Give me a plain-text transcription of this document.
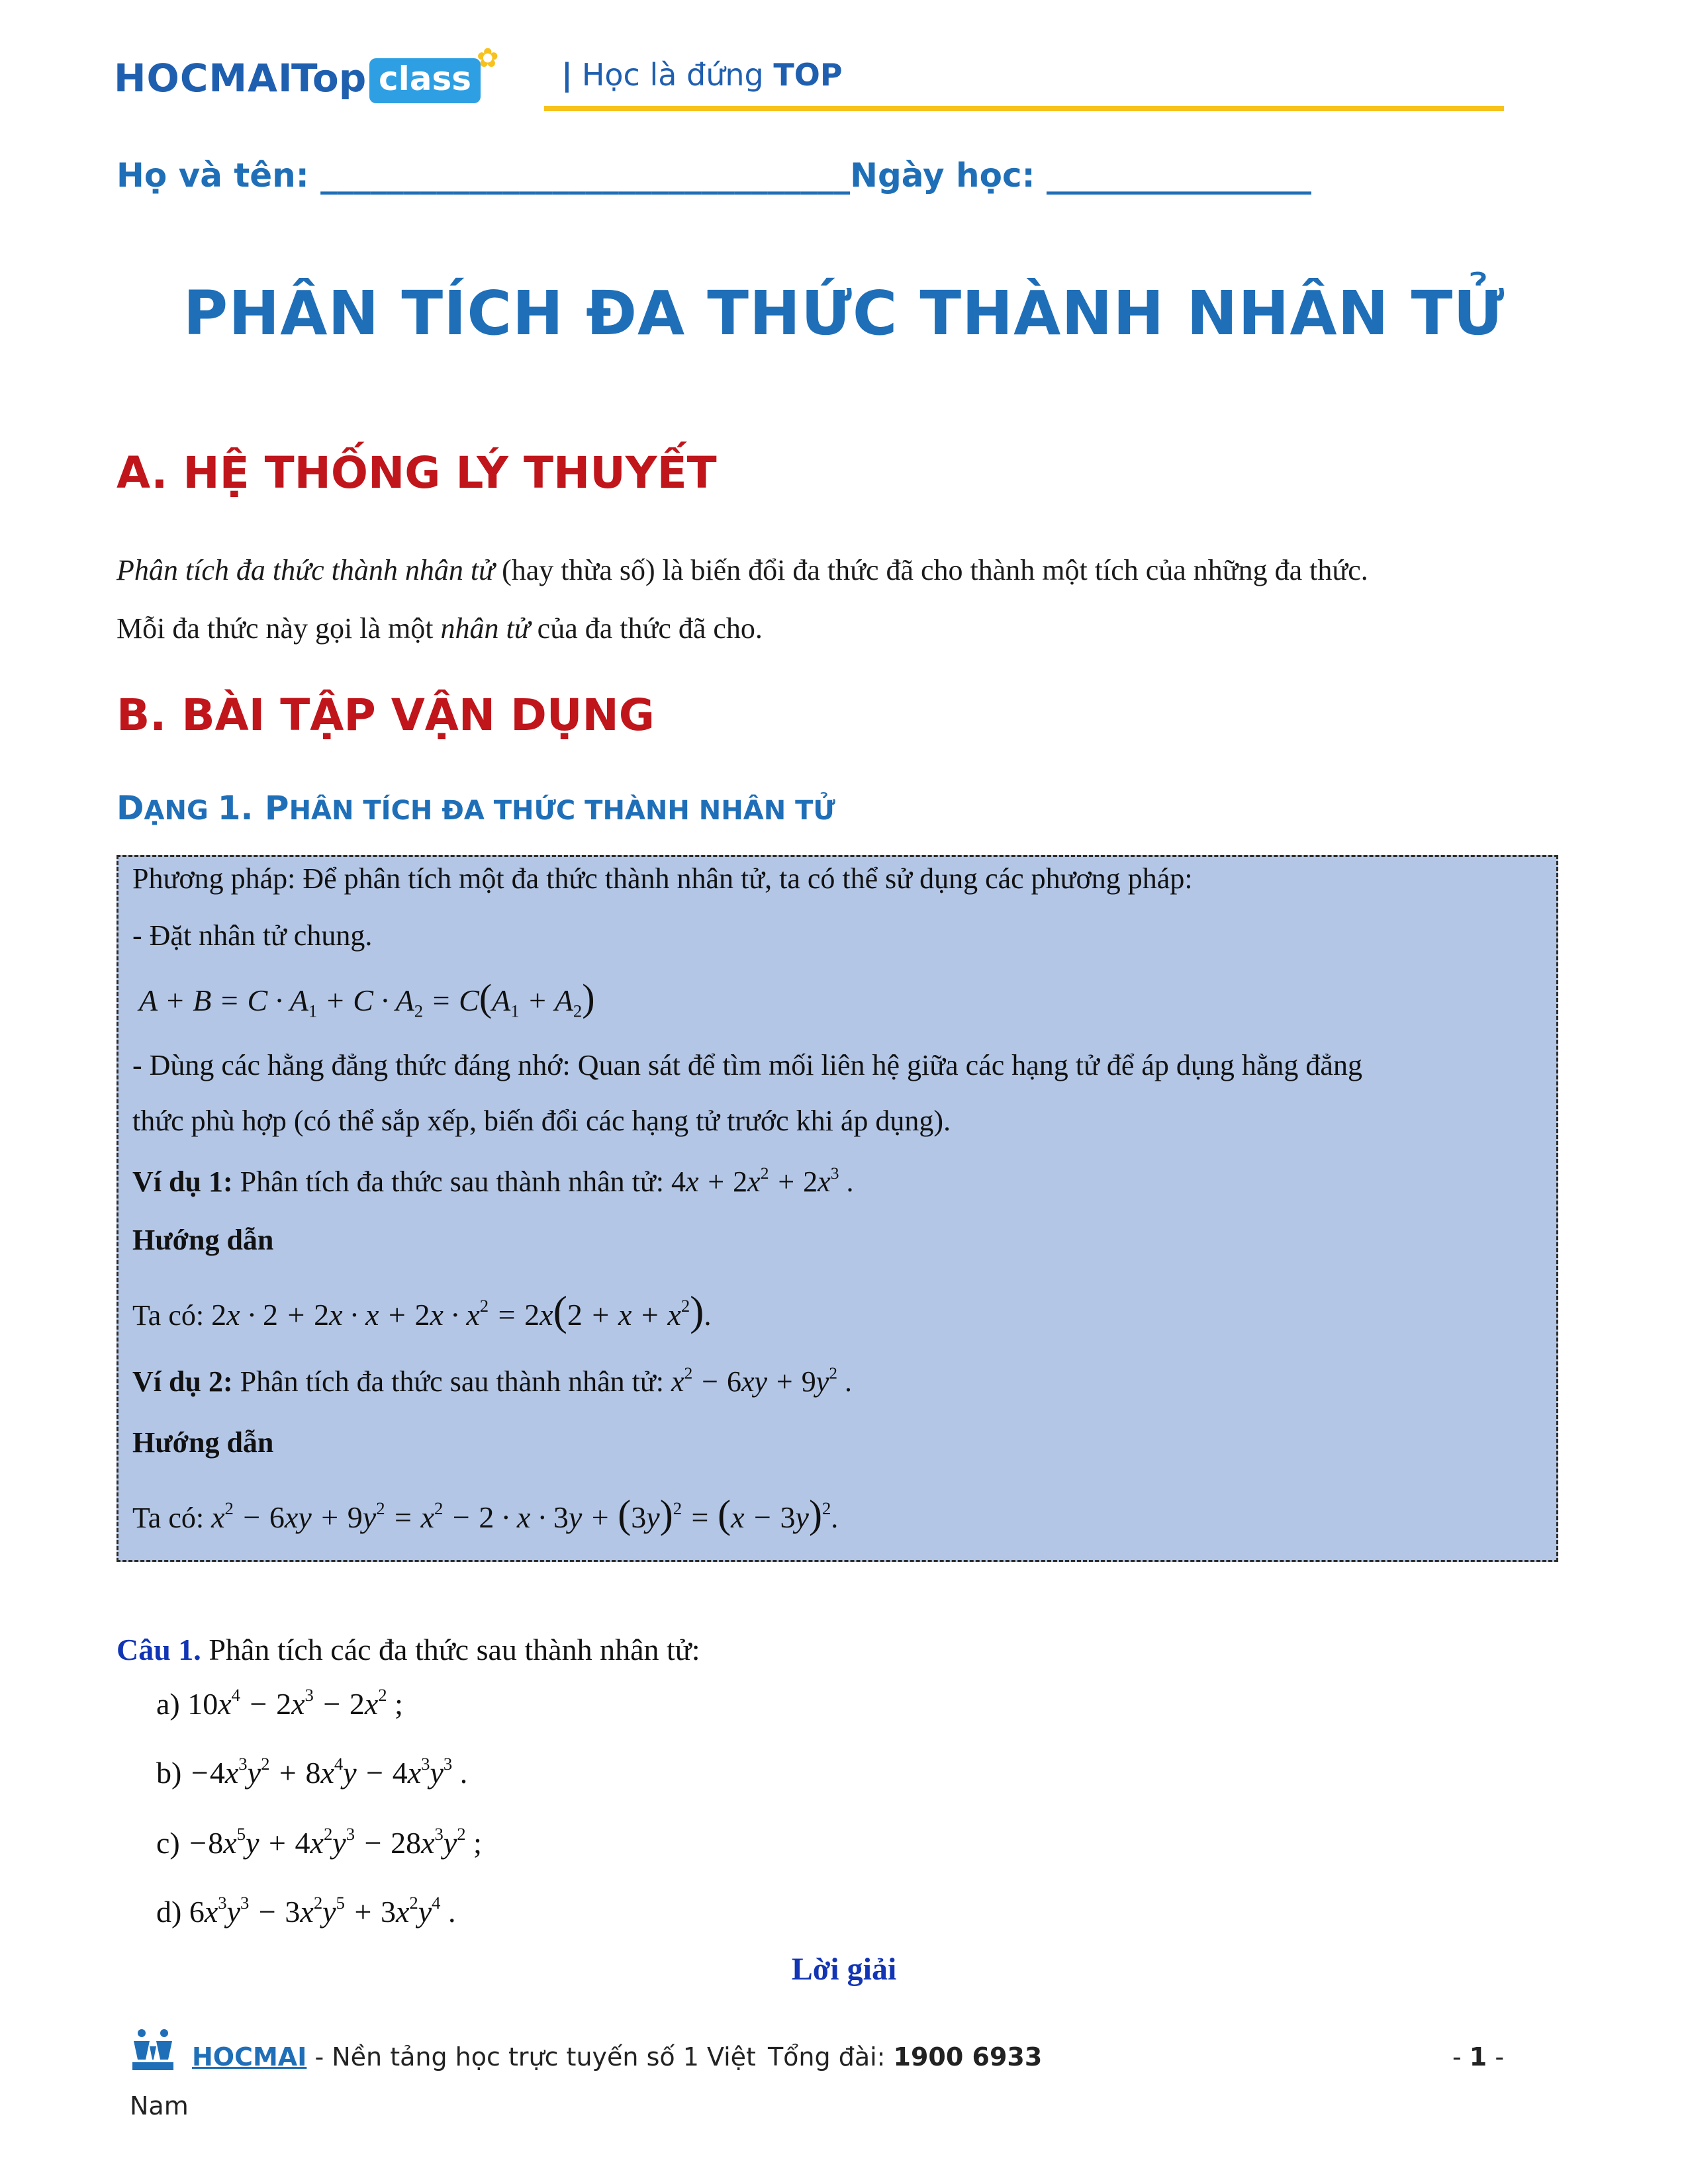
HOCMAI
Top class
✿ | Học là đứng TOP
Họ và tên: ________________________________Ngày học: ________________
PHÂN TÍCH ĐA THỨC THÀNH NHÂN TỬ
A. HỆ THỐNG LÝ THUYẾT
Phân tích đa thức thành nhân tử (hay thừa số) là biến đổi đa thức đã cho thành một tích của những đa thức.
Mỗi đa thức này gọi là một nhân tử của đa thức đã cho.
B. BÀI TẬP VẬN DỤNG
DẠNG 1. PHÂN TÍCH ĐA THỨC THÀNH NHÂN TỬ
Phương pháp: Để phân tích một đa thức thành nhân tử, ta có thể sử dụng các phương pháp:
- Đặt nhân tử chung.
$A + B = C \cdot A_1 + C \cdot A_2 = C(A_1 + A_2)$
- Dùng các hằng đẳng thức đáng nhớ: Quan sát để tìm mối liên hệ giữa các hạng tử để áp dụng hằng đẳng
thức phù hợp (có thể sắp xếp, biến đổi các hạng tử trước khi áp dụng).
Ví dụ 1: Phân tích đa thức sau thành nhân tử: $4x + 2x^2 + 2x^3$ .
Hướng dẫn
Ta có: $2x \cdot 2 + 2x \cdot x + 2x \cdot x^2 = 2x(2 + x + x^2)$.
Ví dụ 2: Phân tích đa thức sau thành nhân tử: $x^2 - 6xy + 9y^2$ .
Hướng dẫn
Ta có: $x^2 - 6xy + 9y^2 = x^2 - 2 \cdot x \cdot 3y + (3y)^2 = (x - 3y)^2$.
Câu 1. Phân tích các đa thức sau thành nhân tử:
a) $10x^4 - 2x^3 - 2x^2$ ;
$b) -4x^3y^2 + 8x^4y - 4x^3y^3$ .
$c) -8x^5y + 4x^2y^3 - 28x^3y^2$ ;
d) $6x^3y^3 - 3x^2y^5 + 3x^2y^4$ .
Lời giải
HOCMAI - Nền tảng học trực tuyến số 1 Việt Tổng đài: 1900 6933
Nam
- 1 -
